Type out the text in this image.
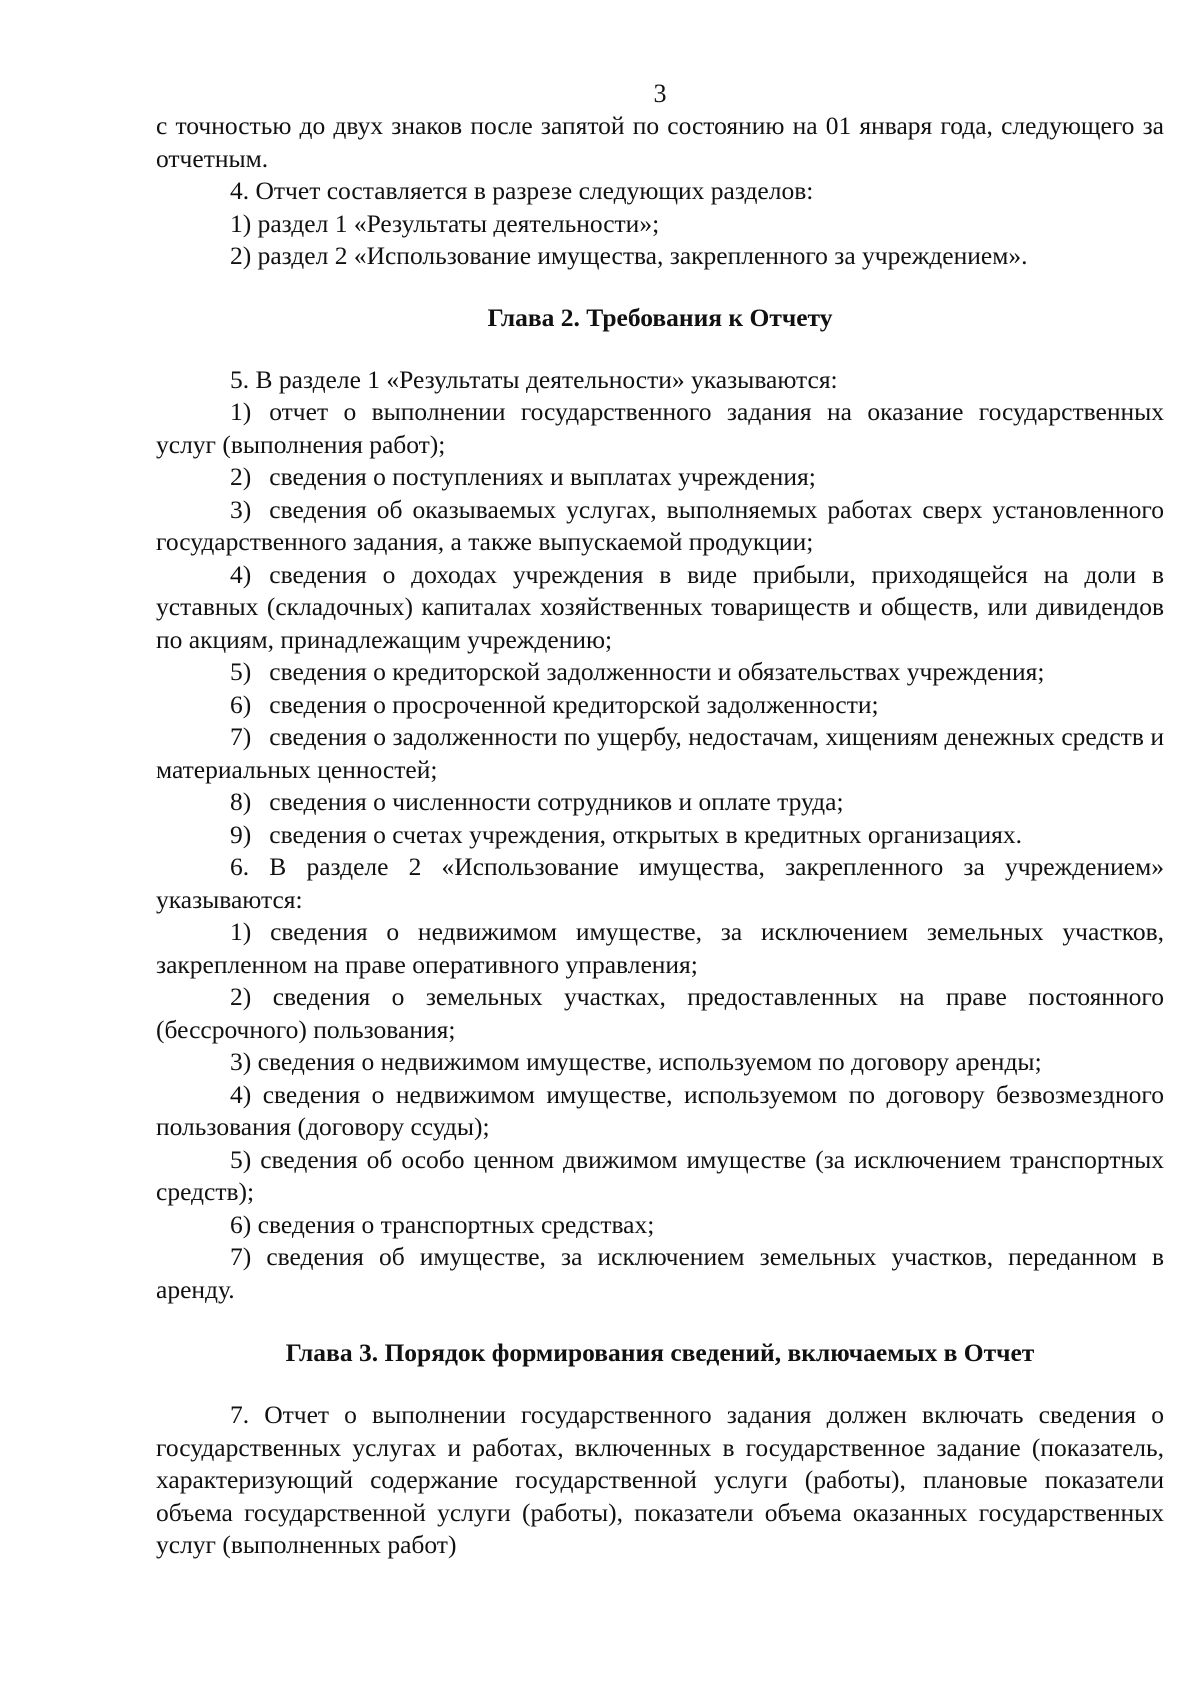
3

с точностью до двух знаков после запятой по состоянию на 01 января года, следующего за отчетным.

4. Отчет составляется в разрезе следующих разделов:

1) раздел 1 «Результаты деятельности»;

2) раздел 2 «Использование имущества, закрепленного за учреждением».

Глава 2. Требования к Отчету

5. В разделе 1 «Результаты деятельности» указываются:

1) отчет о выполнении государственного задания на оказание государственных услуг (выполнения работ);

2) сведения о поступлениях и выплатах учреждения;

3) сведения об оказываемых услугах, выполняемых работах сверх установленного государственного задания, а также выпускаемой продукции;

4) сведения о доходах учреждения в виде прибыли, приходящейся на доли в уставных (складочных) капиталах хозяйственных товариществ и обществ, или дивидендов по акциям, принадлежащим учреждению;

5) сведения о кредиторской задолженности и обязательствах учреждения;

6) сведения о просроченной кредиторской задолженности;

7) сведения о задолженности по ущербу, недостачам, хищениям денежных средств и материальных ценностей;

8) сведения о численности сотрудников и оплате труда;

9) сведения о счетах учреждения, открытых в кредитных организациях.

6. В разделе 2 «Использование имущества, закрепленного за учреждением» указываются:

1) сведения о недвижимом имуществе, за исключением земельных участков, закрепленном на праве оперативного управления;

2) сведения о земельных участках, предоставленных на праве постоянного (бессрочного) пользования;

3) сведения о недвижимом имуществе, используемом по договору аренды;

4) сведения о недвижимом имуществе, используемом по договору безвозмездного пользования (договору ссуды);

5) сведения об особо ценном движимом имуществе (за исключением транспортных средств);

6) сведения о транспортных средствах;

7) сведения об имуществе, за исключением земельных участков, переданном в аренду.

Глава 3. Порядок формирования сведений, включаемых в Отчет

7. Отчет о выполнении государственного задания должен включать сведения о государственных услугах и работах, включенных в государственное задание (показатель, характеризующий содержание государственной услуги (работы), плановые показатели объема государственной услуги (работы), показатели объема оказанных государственных услуг (выполненных работ)
